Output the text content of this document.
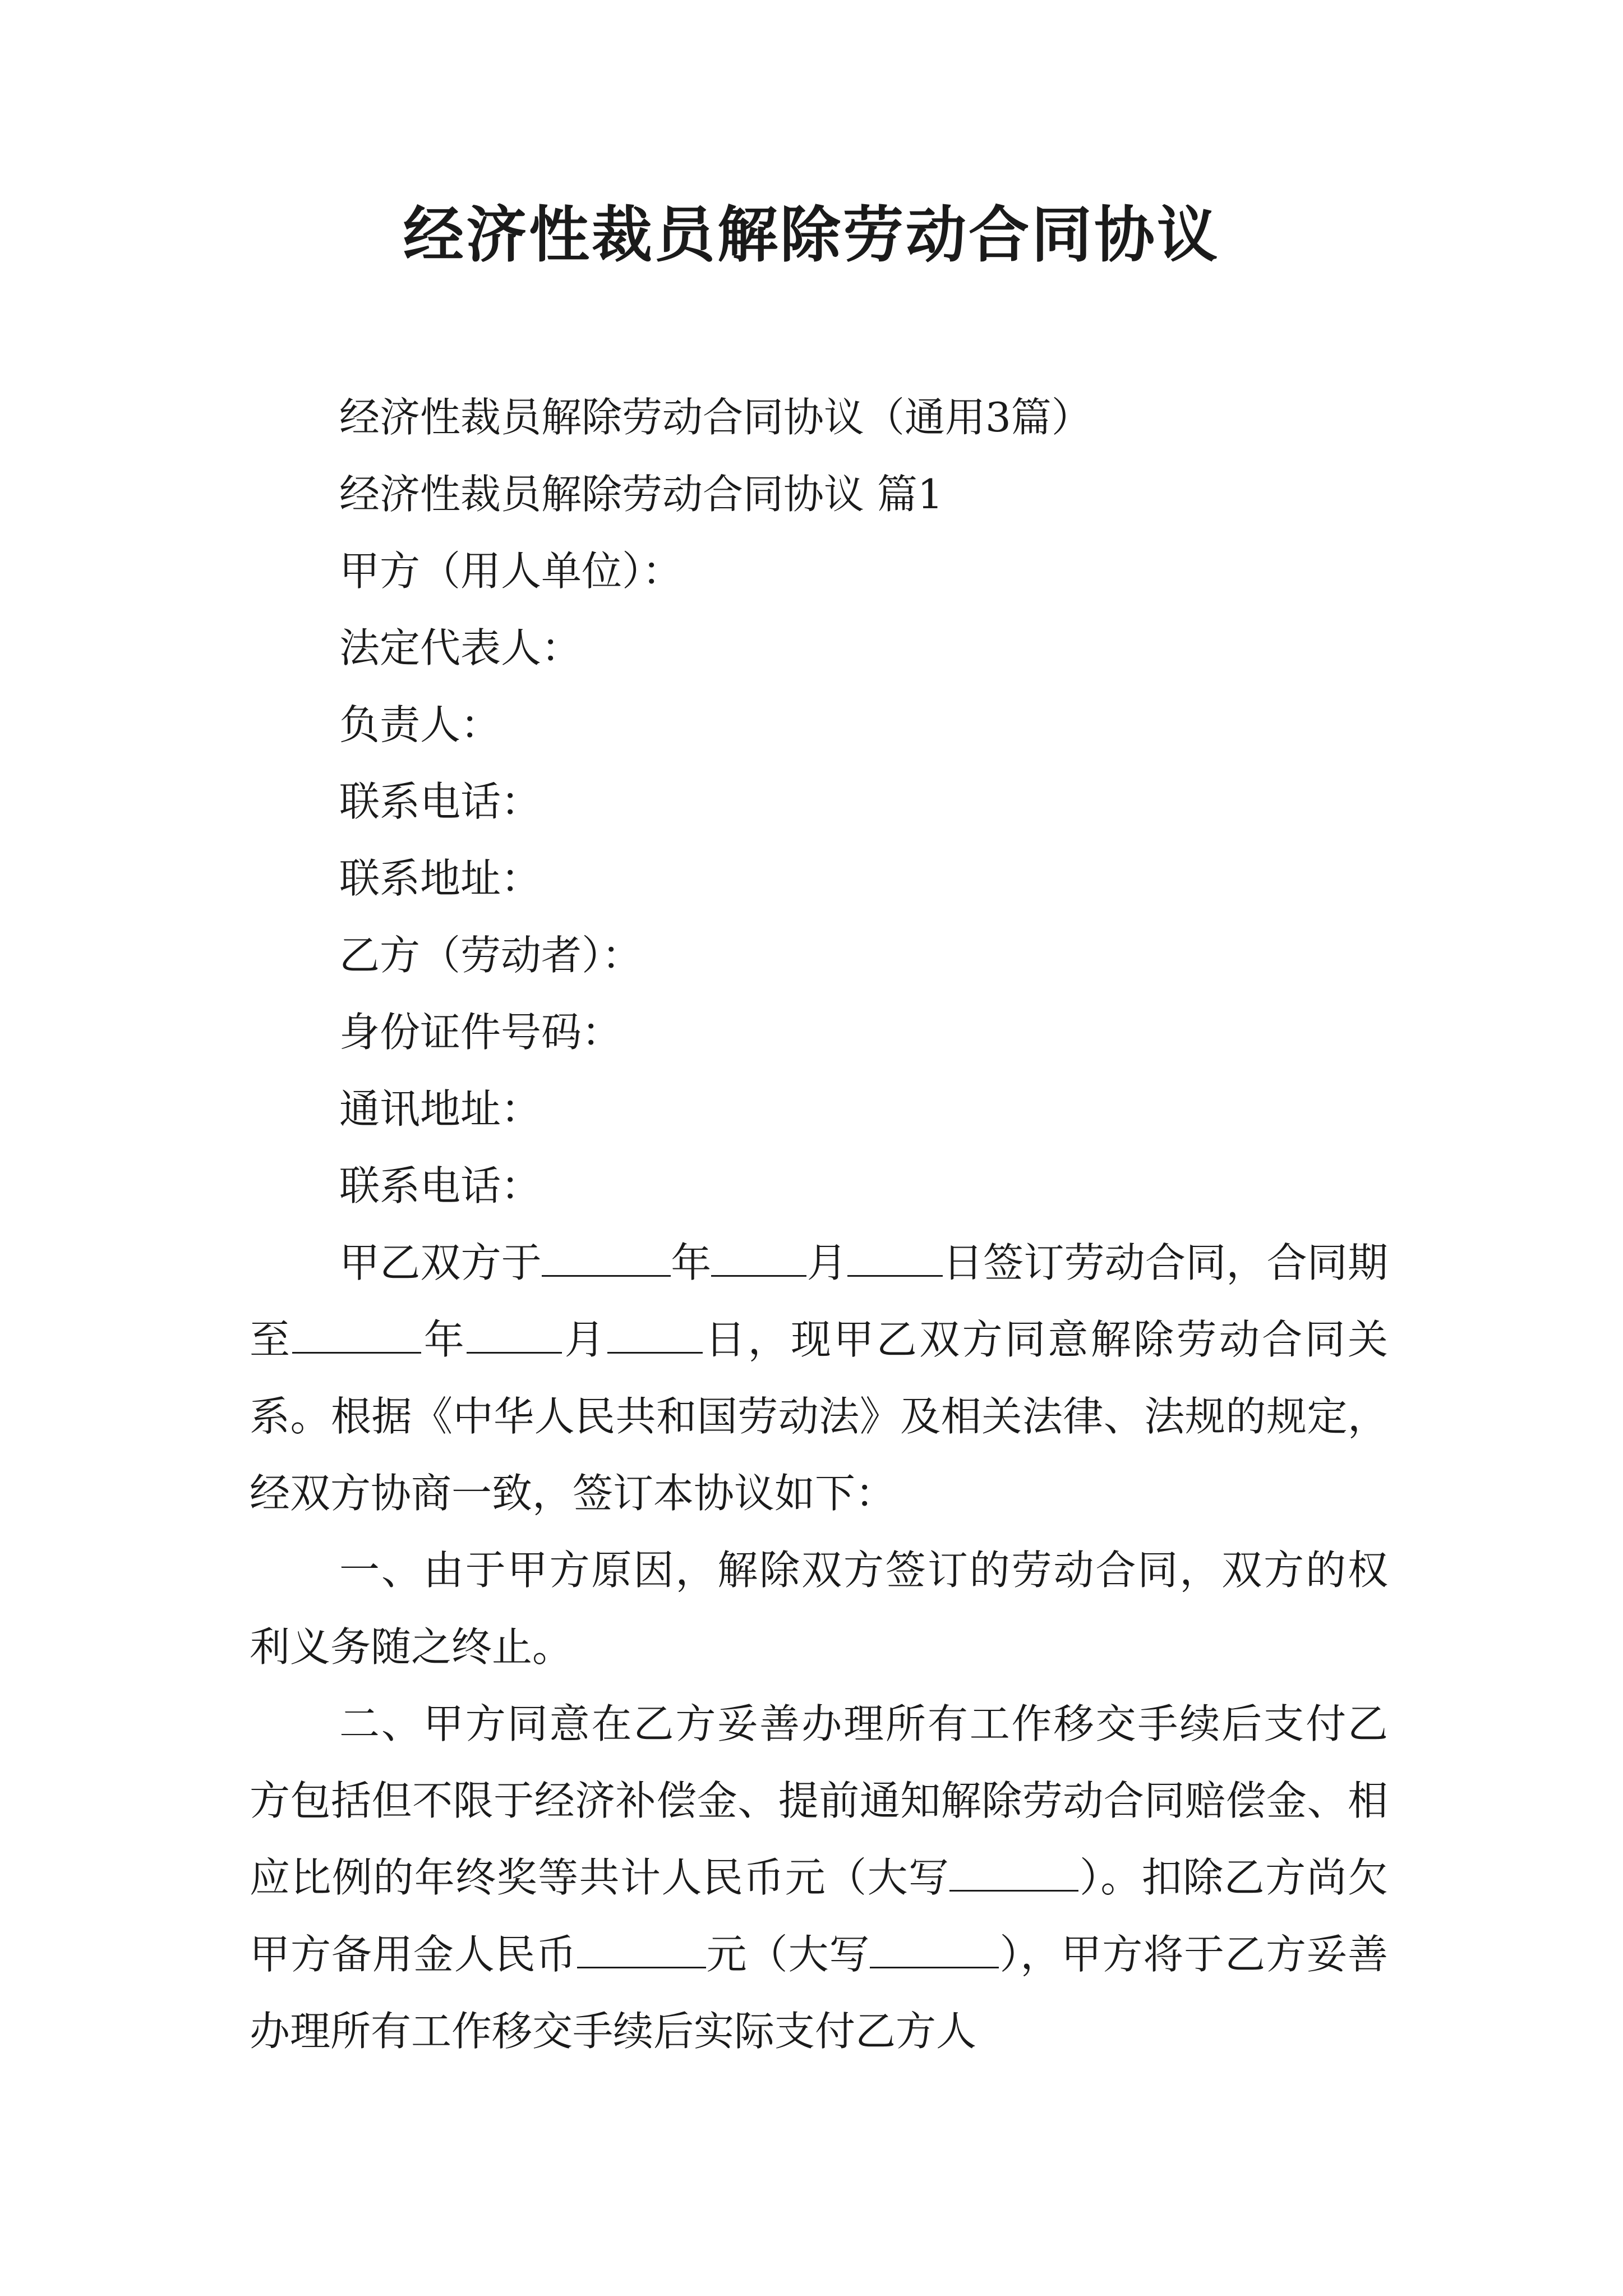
经济性裁员解除劳动合同协议

经济性裁员解除劳动合同协议（通用3篇）

经济性裁员解除劳动合同协议 篇1

甲方（用人单位）：

法定代表人：

负责人：

联系电话：

联系地址：

乙方（劳动者）：

身份证件号码：

通讯地址：

联系电话：

甲乙双方于	年 月 日签订劳动合同，合同期至	年 月 日，现甲乙双方同意解除劳动合同关系。根据《中华人民共和国劳动法》及相关法律、法规的规定，经双方协商一致，签订本协议如下：

一、由于甲方原因，解除双方签订的劳动合同，双方的权利义务随之终止。

二、甲方同意在乙方妥善办理所有工作移交手续后支付乙方包括但不限于经济补偿金、提前通知解除劳动合同赔偿金、相应比例的年终奖等共计人民币元（大写	）。扣除乙方尚欠甲方备用金人民币	元（大写	），甲方将于乙方妥善办理所有工作移交手续后实际支付乙方人
